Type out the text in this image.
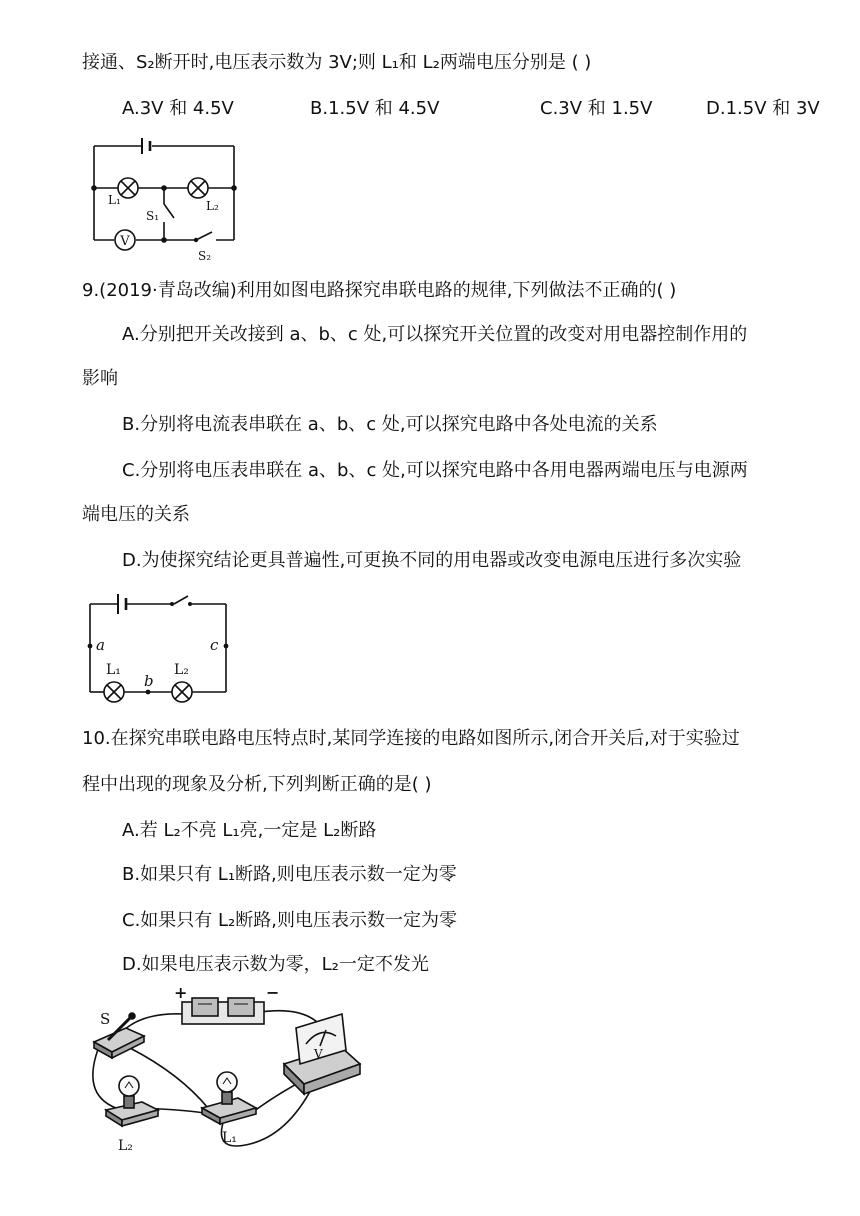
接通、S₂断开时,电压表示数为 3V;则 L₁和 L₂两端电压分别是 ( )
A.3V 和 4.5V	B.1.5V 和 4.5V	C.3V 和 1.5V	D.1.5V 和 3V
V
L₁	L₂
S₁
S₂
9.(2019·青岛改编)利用如图电路探究串联电路的规律,下列做法不正确的( )
A.分别把开关改接到 a、b、c 处,可以探究开关位置的改变对用电器控制作用的
影响
B.分别将电流表串联在 a、b、c 处,可以探究电路中各处电流的关系
C.分别将电压表串联在 a、b、c 处,可以探究电路中各用电器两端电压与电源两
端电压的关系
D.为使探究结论更具普遍性,可更换不同的用电器或改变电源电压进行多次实验
a	c
b
L₁	L₂
10.在探究串联电路电压特点时,某同学连接的电路如图所示,闭合开关后,对于实验过
程中出现的现象及分析,下列判断正确的是( )
A.若 L₂不亮 L₁亮,一定是 L₂断路
B.如果只有 L₁断路,则电压表示数一定为零
C.如果只有 L₂断路,则电压表示数一定为零
D.如果电压表示数为零，L₂一定不发光
+	−
S
V
L₂	L₁
